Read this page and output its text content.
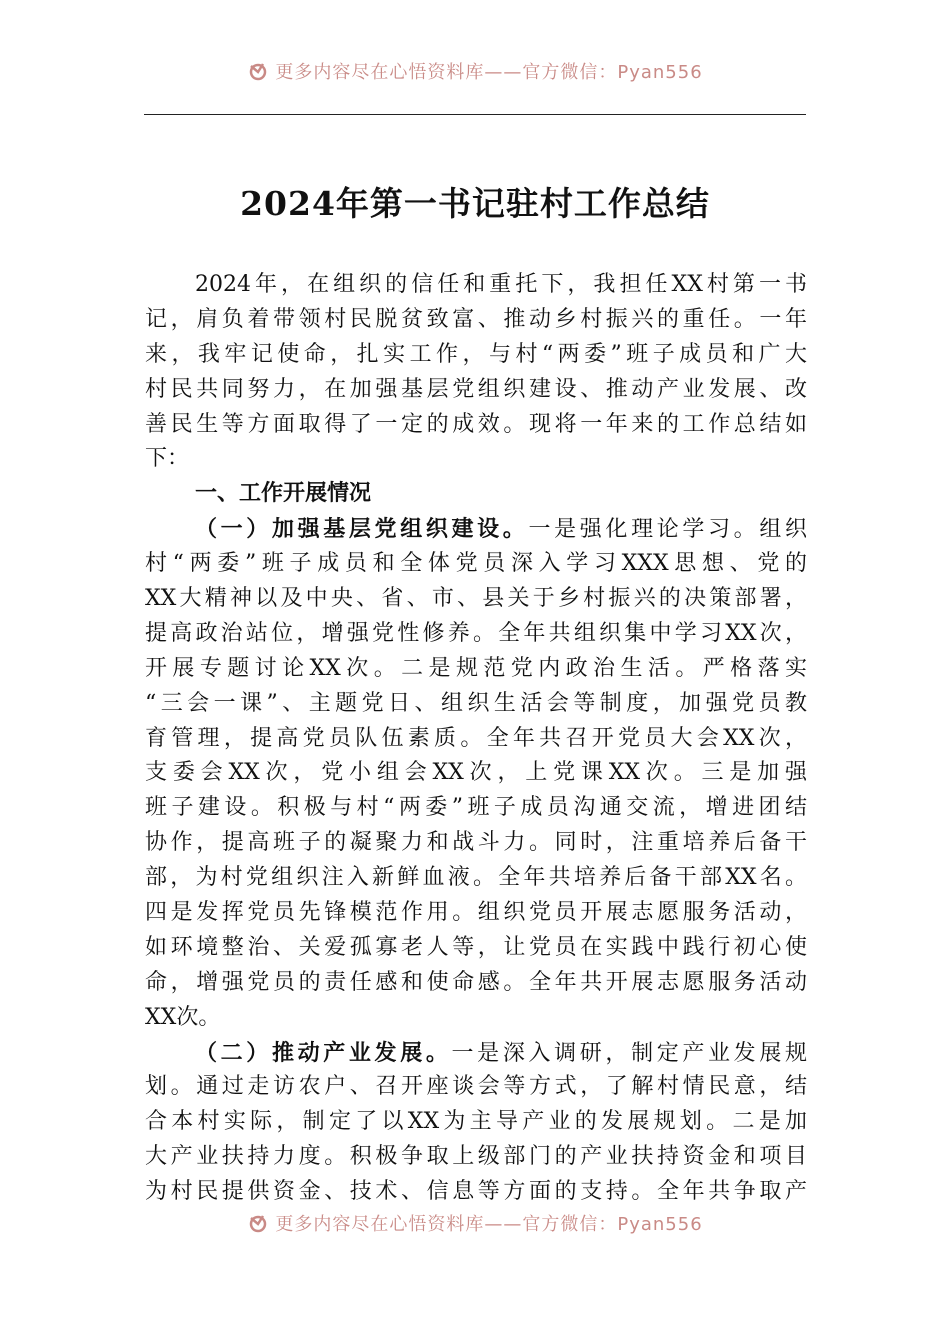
更多内容尽在心悟资料库——官方微信：Pyan556
2024年第一书记驻村工作总结
2024年，在组织的信任和重托下，我担任XX村第一书
记，肩负着带领村民脱贫致富、推动乡村振兴的重任。一年
来，我牢记使命，扎实工作，与村“两委”班子成员和广大
村民共同努力，在加强基层党组织建设、推动产业发展、改
善民生等方面取得了一定的成效。现将一年来的工作总结如
下：
一、工作开展情况
（一）加强基层党组织建设。一是强化理论学习。组织
村“两委”班子成员和全体党员深入学习XXX思想、党的
XX大精神以及中央、省、市、县关于乡村振兴的决策部署，
提高政治站位，增强党性修养。全年共组织集中学习XX次，
开展专题讨论XX次。二是规范党内政治生活。严格落实
“三会一课”、主题党日、组织生活会等制度，加强党员教
育管理，提高党员队伍素质。全年共召开党员大会XX次，
支委会XX次，党小组会XX次，上党课XX次。三是加强
班子建设。积极与村“两委”班子成员沟通交流，增进团结
协作，提高班子的凝聚力和战斗力。同时，注重培养后备干
部，为村党组织注入新鲜血液。全年共培养后备干部XX名。
四是发挥党员先锋模范作用。组织党员开展志愿服务活动，
如环境整治、关爱孤寡老人等，让党员在实践中践行初心使
命，增强党员的责任感和使命感。全年共开展志愿服务活动
XX次。
（二）推动产业发展。一是深入调研，制定产业发展规
划。通过走访农户、召开座谈会等方式，了解村情民意，结
合本村实际，制定了以XX为主导产业的发展规划。二是加
大产业扶持力度。积极争取上级部门的产业扶持资金和项目
为村民提供资金、技术、信息等方面的支持。全年共争取产
更多内容尽在心悟资料库——官方微信：Pyan556
